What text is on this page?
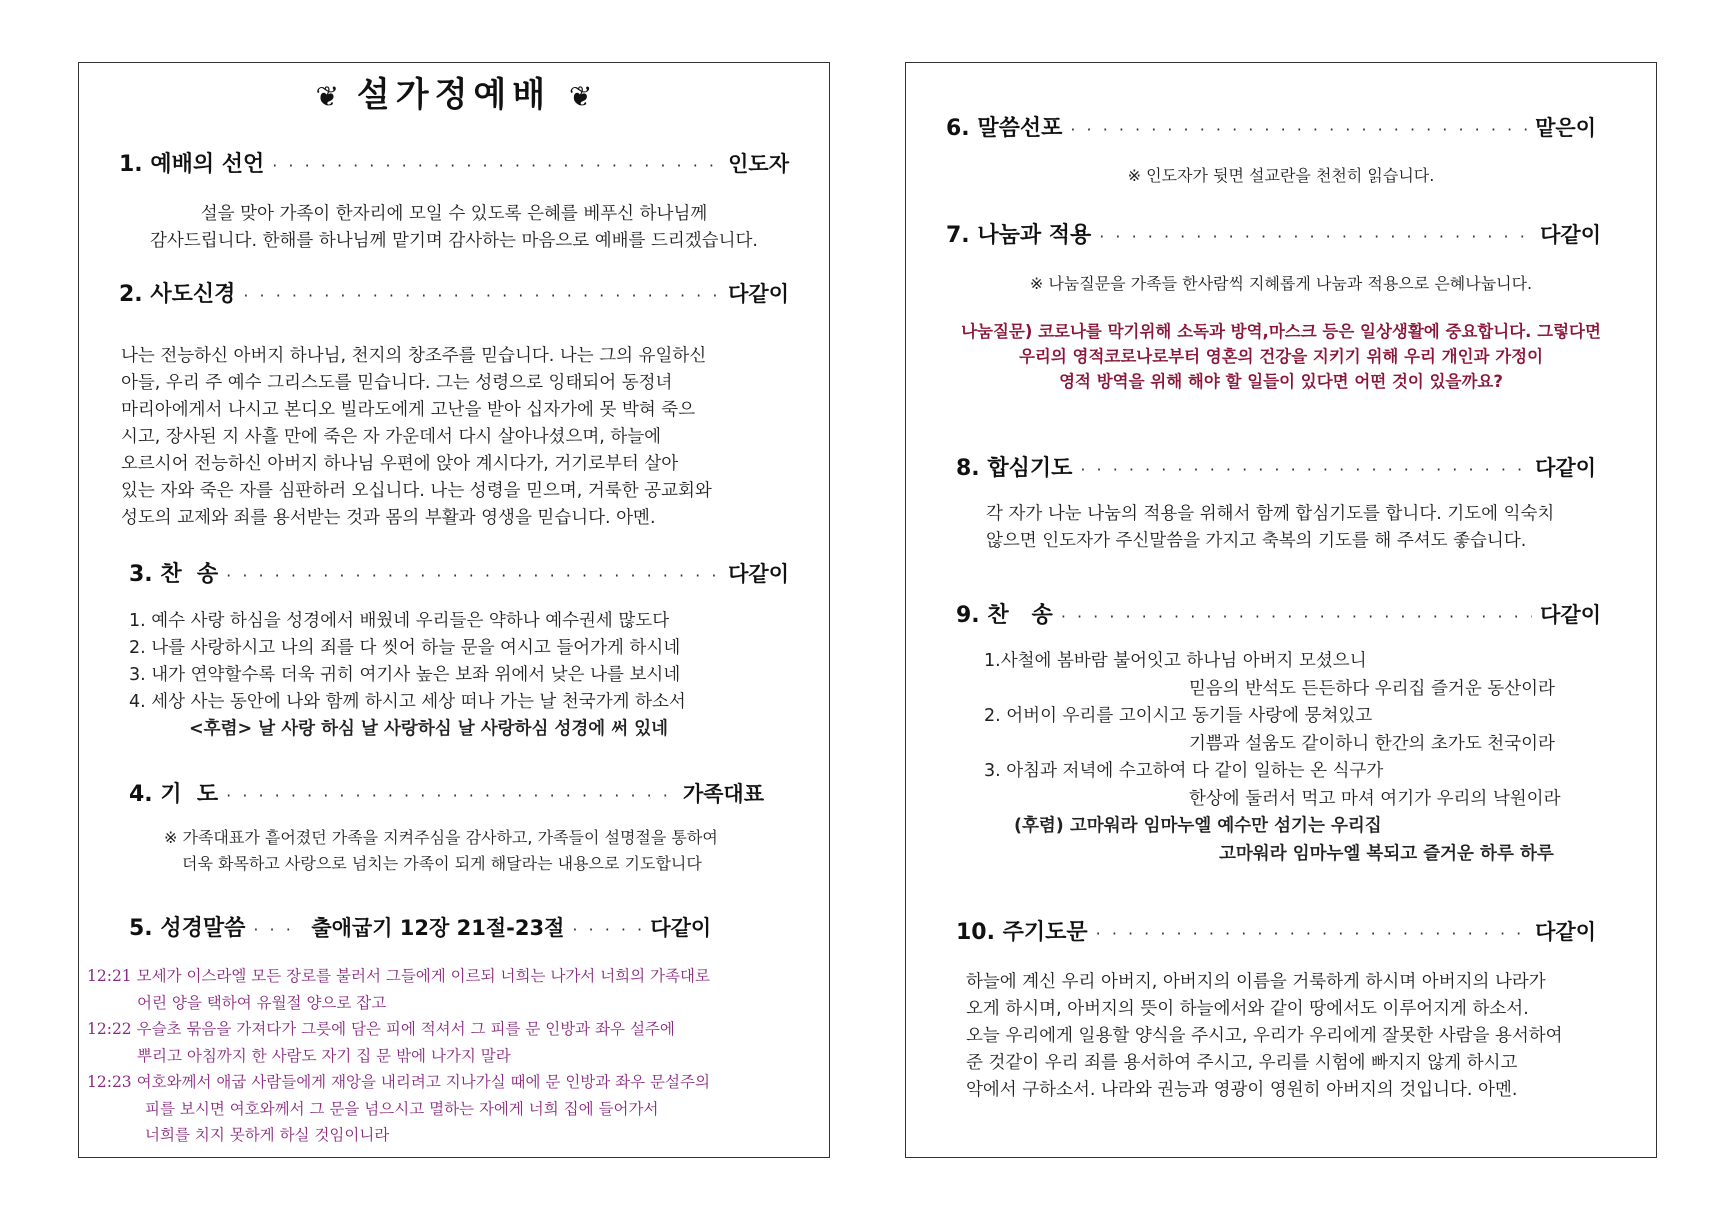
❦ 설가정예배 ❦
1. 예배의 선언 · · ·	인도자
설을 맞아 가족이 한자리에 모일 수 있도록 은혜를 베푸신 하나님께
감사드립니다. 한해를 하나님께 맡기며 감사하는 마음으로 예배를 드리겠습니다.
2. 사도신경 · · ·	다같이
나는 전능하신 아버지 하나님, 천지의 창조주를 믿습니다. 나는 그의 유일하신
아들, 우리 주 예수 그리스도를 믿습니다. 그는 성령으로 잉태되어 동정녀
마리아에게서 나시고 본디오 빌라도에게 고난을 받아 십자가에 못 박혀 죽으
시고, 장사된 지 사흘 만에 죽은 자 가운데서 다시 살아나셨으며, 하늘에
오르시어 전능하신 아버지 하나님 우편에 앉아 계시다가, 거기로부터 살아
있는 자와 죽은 자를 심판하러 오십니다. 나는 성령을 믿으며, 거룩한 공교회와
성도의 교제와 죄를 용서받는 것과 몸의 부활과 영생을 믿습니다. 아멘.
3. 찬  송 · · ·	다같이
1. 예수 사랑 하심을 성경에서 배웠네 우리들은 약하나 예수권세 많도다
2. 나를 사랑하시고 나의 죄를 다 씻어 하늘 문을 여시고 들어가게 하시네
3. 내가 연약할수록 더욱 귀히 여기사 높은 보좌 위에서 낮은 나를 보시네
4. 세상 사는 동안에 나와 함께 하시고 세상 떠나 가는 날 천국가게 하소서
<후렴> 날 사랑 하심 날 사랑하심 날 사랑하심 성경에 써 있네
4. 기  도 · · ·	가족대표
※ 가족대표가 흩어졌던 가족을 지켜주심을 감사하고, 가족들이 설명절을 통하여
더욱 화목하고 사랑으로 넘치는 가족이 되게 해달라는 내용으로 기도합니다
5. 성경말씀 · · ·	출애굽기 12장 21절-23절 · · ·	다같이
12:21 모세가 이스라엘 모든 장로를 불러서 그들에게 이르되 너희는 나가서 너희의 가족대로
어린 양을 택하여 유월절 양으로 잡고
12:22 우슬초 묶음을 가져다가 그릇에 담은 피에 적셔서 그 피를 문 인방과 좌우 설주에
뿌리고 아침까지 한 사람도 자기 집 문 밖에 나가지 말라
12:23 여호와께서 애굽 사람들에게 재앙을 내리려고 지나가실 때에 문 인방과 좌우 문설주의
피를 보시면 여호와께서 그 문을 넘으시고 멸하는 자에게 너희 집에 들어가서
너희를 치지 못하게 하실 것임이니라
6. 말씀선포 · · ·	맡은이
※ 인도자가 뒷면 설교란을 천천히 읽습니다.
7. 나눔과 적용 · · ·	다같이
※ 나눔질문을 가족들 한사람씩 지혜롭게 나눔과 적용으로 은혜나눕니다.
나눔질문) 코로나를 막기위해 소독과 방역,마스크 등은 일상생활에 중요합니다. 그렇다면
우리의 영적코로나로부터 영혼의 건강을 지키기 위해 우리 개인과 가정이
영적 방역을 위해 해야 할 일들이 있다면 어떤 것이 있을까요?
8. 합심기도 · · ·	다같이
각 자가 나눈 나눔의 적용을 위해서 함께 합심기도를 합니다. 기도에 익숙치
않으면 인도자가 주신말씀을 가지고 축복의 기도를 해 주셔도 좋습니다.
9. 찬   송 · · ·	다같이
1.사철에 봄바람 불어잇고 하나님 아버지 모셨으니
믿음의 반석도 든든하다 우리집 즐거운 동산이라
2. 어버이 우리를 고이시고 동기들 사랑에 뭉쳐있고
기쁨과 설움도 같이하니 한간의 초가도 천국이라
3. 아침과 저녁에 수고하여 다 같이 일하는 온 식구가
한상에 둘러서 먹고 마셔 여기가 우리의 낙원이라
(후렴) 고마워라 임마누엘 예수만 섬기는 우리집
고마워라 임마누엘 복되고 즐거운 하루 하루
10. 주기도문 · · ·	다같이
하늘에 계신 우리 아버지, 아버지의 이름을 거룩하게 하시며 아버지의 나라가
오게 하시며, 아버지의 뜻이 하늘에서와 같이 땅에서도 이루어지게 하소서.
오늘 우리에게 일용할 양식을 주시고, 우리가 우리에게 잘못한 사람을 용서하여
준 것같이 우리 죄를 용서하여 주시고, 우리를 시험에 빠지지 않게 하시고
악에서 구하소서. 나라와 권능과 영광이 영원히 아버지의 것입니다. 아멘.
